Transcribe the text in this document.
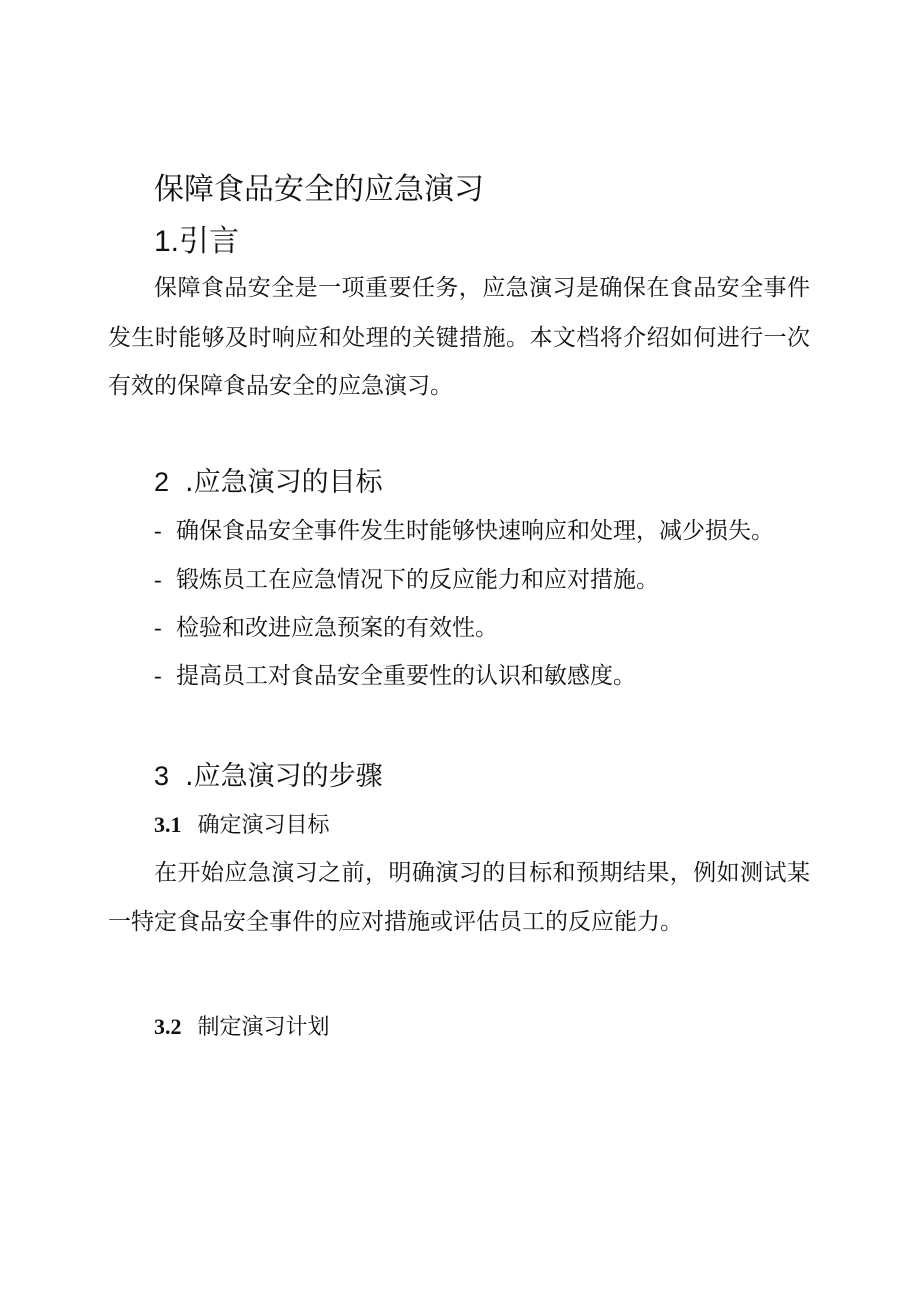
保障食品安全的应急演习
1.引言
保障食品安全是一项重要任务，应急演习是确保在食品安全事件
发生时能够及时响应和处理的关键措施。本文档将介绍如何进行一次
有效的保障食品安全的应急演习。
2 .应急演习的目标
- 确保食品安全事件发生时能够快速响应和处理，减少损失。
- 锻炼员工在应急情况下的反应能力和应对措施。
- 检验和改进应急预案的有效性。
- 提高员工对食品安全重要性的认识和敏感度。
3 .应急演习的步骤
3.1 确定演习目标
在开始应急演习之前，明确演习的目标和预期结果，例如测试某
一特定食品安全事件的应对措施或评估员工的反应能力。
3.2 制定演习计划
